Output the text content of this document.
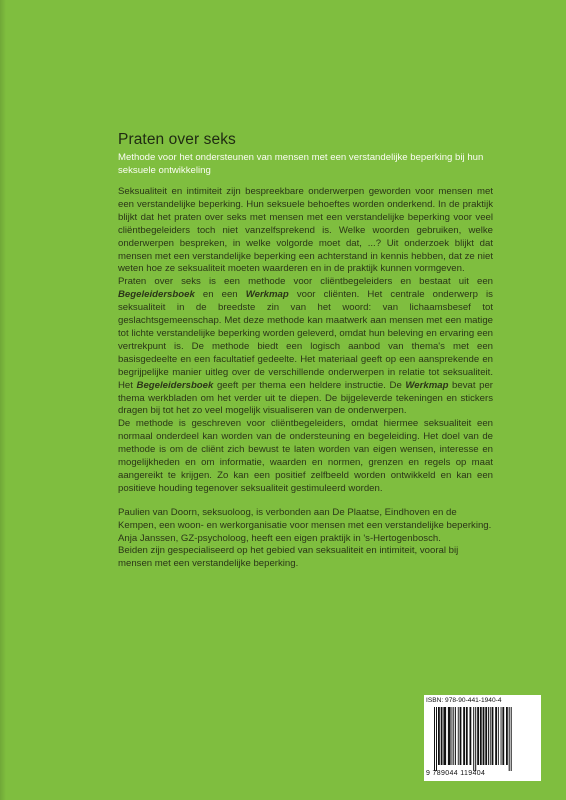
Praten over seks
Methode voor het ondersteunen van mensen met een verstandelijke beperking bij hun seksuele ontwikkeling

Seksualiteit en intimiteit zijn bespreekbare onderwerpen geworden voor mensen met een verstandelijke beperking. Hun seksuele behoeftes worden onderkend. In de praktijk blijkt dat het praten over seks met mensen met een verstandelijke beperking voor veel cliëntbegeleiders toch niet vanzelfsprekend is. Welke woorden gebruiken, welke onderwerpen bespreken, in welke volgorde moet dat, ...? Uit onderzoek blijkt dat mensen met een verstandelijke beperking een achterstand in kennis hebben, dat ze niet weten hoe ze seksualiteit moeten waarderen en in de praktijk kunnen vormgeven.

Praten over seks is een methode voor cliëntbegeleiders en bestaat uit een Begeleidersboek en een Werkmap voor cliënten. Het centrale onderwerp is seksualiteit in de breedste zin van het woord: van lichaamsbesef tot geslachtsgemeenschap. Met deze methode kan maatwerk aan mensen met een matige tot lichte verstandelijke beperking worden geleverd, omdat hun beleving en ervaring een vertrekpunt is. De methode biedt een logisch aanbod van thema's met een basisgedeelte en een facultatief gedeelte. Het materiaal geeft op een aansprekende en begrijpelijke manier uitleg over de verschillende onderwerpen in relatie tot seksualiteit. Het Begeleidersboek geeft per thema een heldere instructie. De Werkmap bevat per thema werkbladen om het verder uit te diepen. De bijgeleverde tekeningen en stickers dragen bij tot het zo veel mogelijk visualiseren van de onderwerpen.

De methode is geschreven voor cliëntbegeleiders, omdat hiermee seksualiteit een normaal onderdeel kan worden van de ondersteuning en begeleiding. Het doel van de methode is om de cliënt zich bewust te laten worden van eigen wensen, interesse en mogelijkheden en om informatie, waarden en normen, grenzen en regels op maat aangereikt te krijgen. Zo kan een positief zelfbeeld worden ontwikkeld en kan een positieve houding tegenover seksualiteit gestimuleerd worden.

Paulien van Doorn, seksuoloog, is verbonden aan De Plaatse, Eindhoven en de Kempen, een woon- en werkorganisatie voor mensen met een verstandelijke beperking.

Anja Janssen, GZ-psycholoog, heeft een eigen praktijk in 's-Hertogenbosch.

Beiden zijn gespecialiseerd op het gebied van seksualiteit en intimiteit, vooral bij mensen met een verstandelijke beperking.

ISBN: 978-90-441-1940-4
9 789044 119404
